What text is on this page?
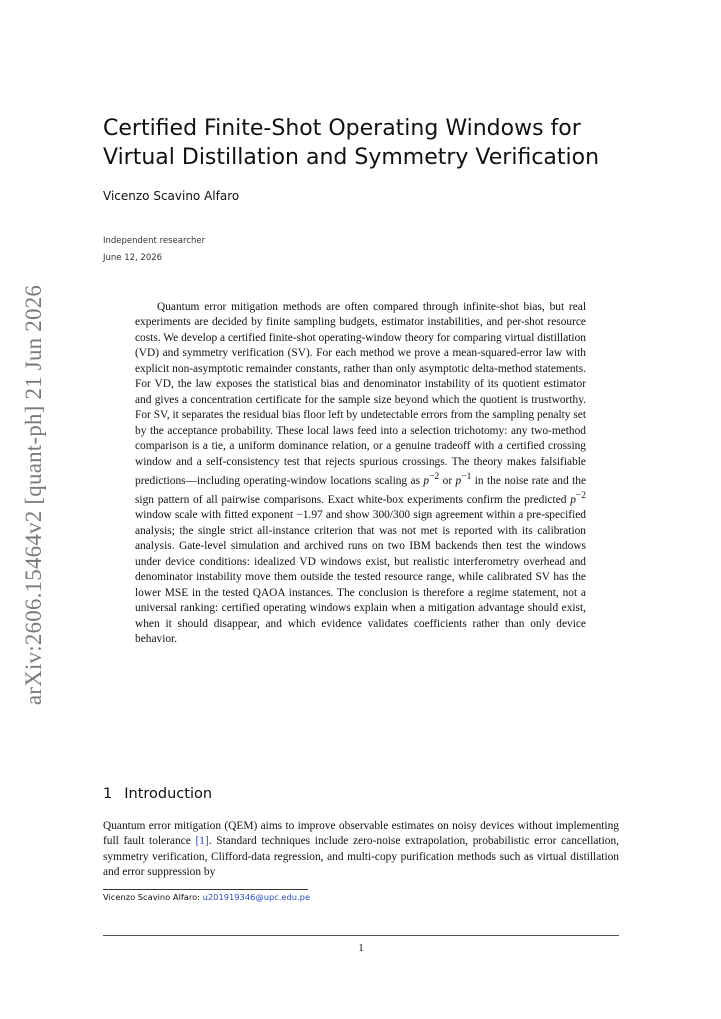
arXiv:2606.15464v2 [quant-ph] 21 Jun 2026
Certified Finite-Shot Operating Windows for Virtual Distillation and Symmetry Verification
Vicenzo Scavino Alfaro
Independent researcher
June 12, 2026

Quantum error mitigation methods are often compared through infinite-shot bias, but real experiments are decided by finite sampling budgets, estimator instabilities, and per-shot resource costs. We develop a certified finite-shot operating-window theory for comparing virtual distillation (VD) and symmetry verification (SV). For each method we prove a mean-squared-error law with explicit non-asymptotic remainder constants, rather than only asymptotic delta-method statements. For VD, the law exposes the statistical bias and denominator instability of its quotient estimator and gives a concentration certificate for the sample size beyond which the quotient is trustworthy. For SV, it separates the residual bias floor left by undetectable errors from the sampling penalty set by the acceptance probability. These local laws feed into a selection trichotomy: any two-method comparison is a tie, a uniform dominance relation, or a genuine tradeoff with a certified crossing window and a self-consistency test that rejects spurious crossings. The theory makes falsifiable predictions—including operating-window locations scaling as $p^{-2}$ or $p^{-1}$ in the noise rate and the sign pattern of all pairwise comparisons. Exact white-box experiments confirm the predicted $p^{-2}$ window scale with fitted exponent −1.97 and show 300/300 sign agreement within a pre-specified analysis; the single strict all-instance criterion that was not met is reported with its calibration analysis. Gate-level simulation and archived runs on two IBM backends then test the windows under device conditions: idealized VD windows exist, but realistic interferometry overhead and denominator instability move them outside the tested resource range, while calibrated SV has the lower MSE in the tested QAOA instances. The conclusion is therefore a regime statement, not a universal ranking: certified operating windows explain when a mitigation advantage should exist, when it should disappear, and which evidence validates coefficients rather than only device behavior.

1 Introduction

Quantum error mitigation (QEM) aims to improve observable estimates on noisy devices without implementing full fault tolerance [1]. Standard techniques include zero-noise extrapolation, probabilistic error cancellation, symmetry verification, Clifford-data regression, and multi-copy purification methods such as virtual distillation and error suppression by

Vicenzo Scavino Alfaro: u201919346@upc.edu.pe
1
